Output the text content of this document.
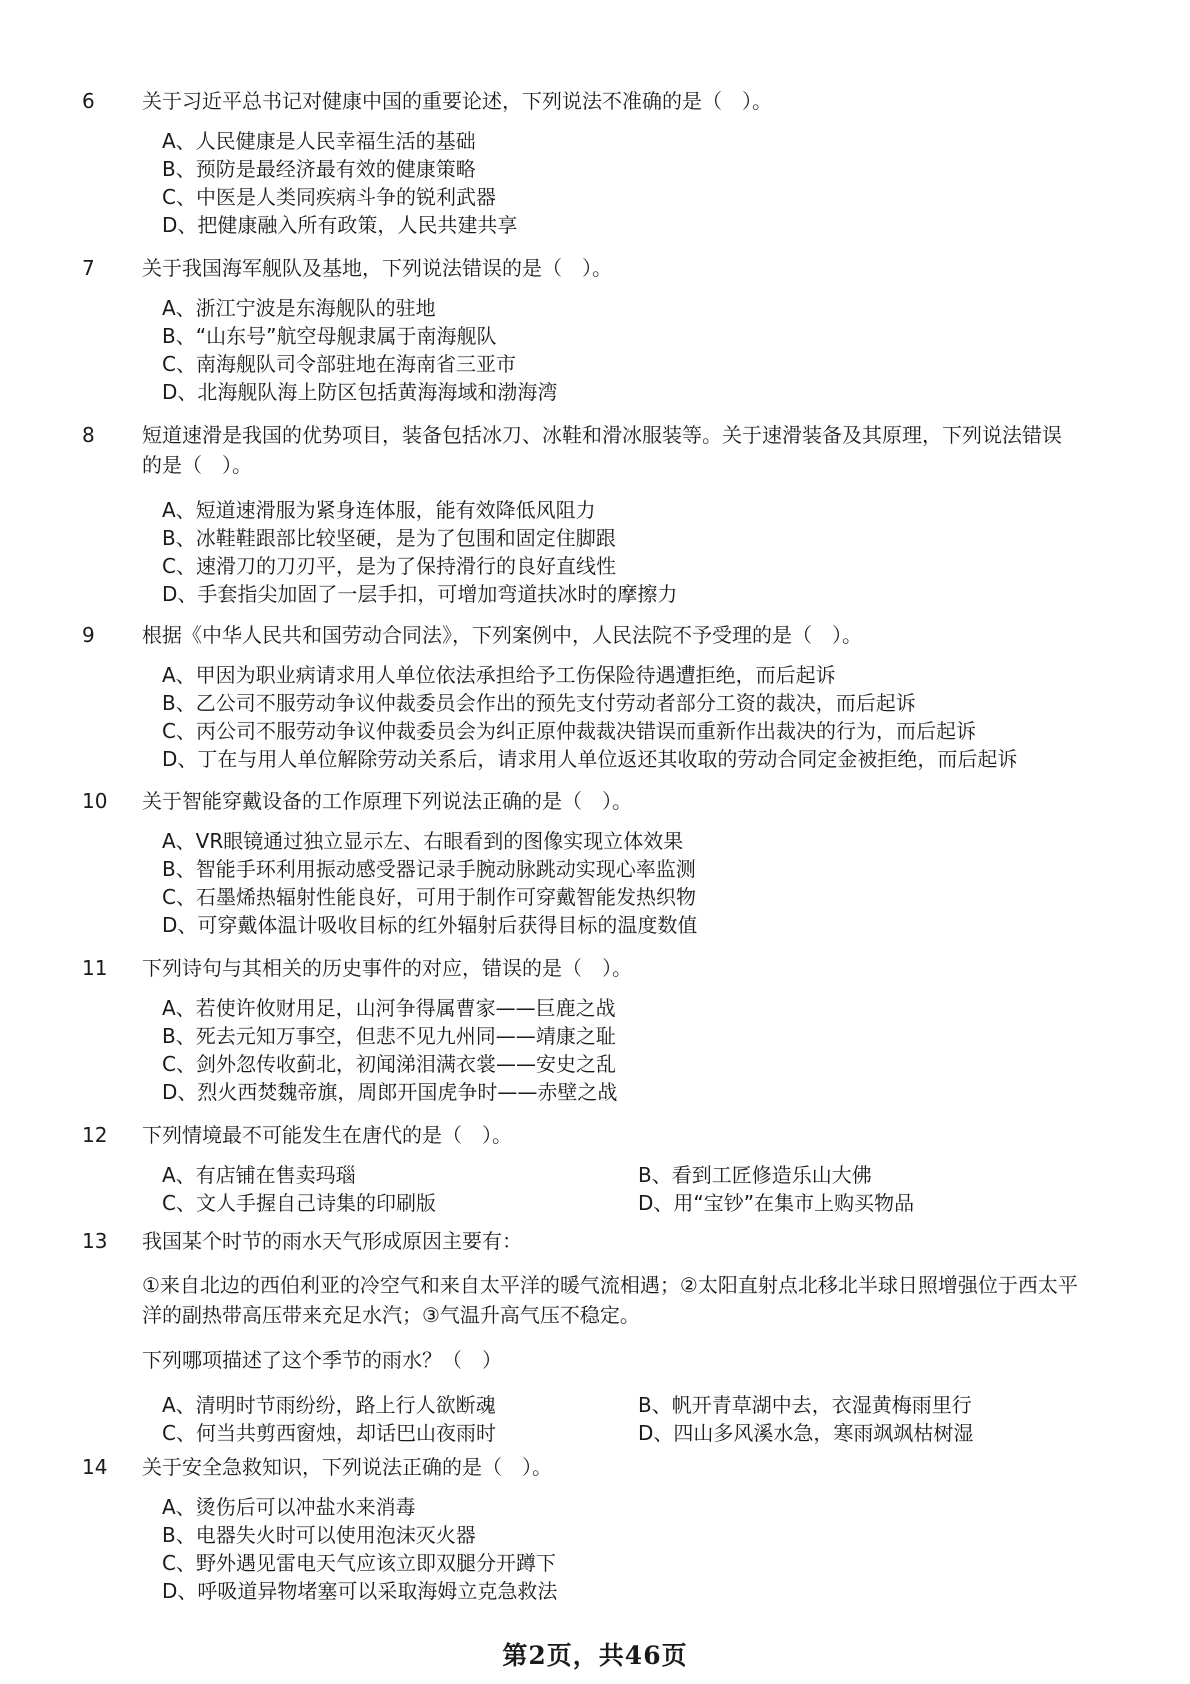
6	关于习近平总书记对健康中国的重要论述，下列说法不准确的是（　）。
A、人民健康是人民幸福生活的基础
B、预防是最经济最有效的健康策略
C、中医是人类同疾病斗争的锐利武器
D、把健康融入所有政策，人民共建共享
7	关于我国海军舰队及基地，下列说法错误的是（　）。
A、浙江宁波是东海舰队的驻地
B、“山东号”航空母舰隶属于南海舰队
C、南海舰队司令部驻地在海南省三亚市
D、北海舰队海上防区包括黄海海域和渤海湾
8	短道速滑是我国的优势项目，装备包括冰刀、冰鞋和滑冰服装等。关于速滑装备及其原理，下列说法错误的是（　）。
A、短道速滑服为紧身连体服，能有效降低风阻力
B、冰鞋鞋跟部比较坚硬，是为了包围和固定住脚跟
C、速滑刀的刀刃平，是为了保持滑行的良好直线性
D、手套指尖加固了一层手扣，可增加弯道扶冰时的摩擦力
9	根据《中华人民共和国劳动合同法》，下列案例中，人民法院不予受理的是（　）。
A、甲因为职业病请求用人单位依法承担给予工伤保险待遇遭拒绝，而后起诉
B、乙公司不服劳动争议仲裁委员会作出的预先支付劳动者部分工资的裁决，而后起诉
C、丙公司不服劳动争议仲裁委员会为纠正原仲裁裁决错误而重新作出裁决的行为，而后起诉
D、丁在与用人单位解除劳动关系后，请求用人单位返还其收取的劳动合同定金被拒绝，而后起诉
10	关于智能穿戴设备的工作原理下列说法正确的是（　）。
A、VR眼镜通过独立显示左、右眼看到的图像实现立体效果
B、智能手环利用振动感受器记录手腕动脉跳动实现心率监测
C、石墨烯热辐射性能良好，可用于制作可穿戴智能发热织物
D、可穿戴体温计吸收目标的红外辐射后获得目标的温度数值
11	下列诗句与其相关的历史事件的对应，错误的是（　）。
A、若使许攸财用足，山河争得属曹家——巨鹿之战
B、死去元知万事空，但悲不见九州同——靖康之耻
C、剑外忽传收蓟北，初闻涕泪满衣裳——安史之乱
D、烈火西焚魏帝旗，周郎开国虎争时——赤壁之战
12	下列情境最不可能发生在唐代的是（　）。
A、有店铺在售卖玛瑙	B、看到工匠修造乐山大佛
C、文人手握自己诗集的印刷版	D、用“宝钞”在集市上购买物品
13	我国某个时节的雨水天气形成原因主要有：
①来自北边的西伯利亚的冷空气和来自太平洋的暖气流相遇；②太阳直射点北移北半球日照增强位于西太平洋的副热带高压带来充足水汽；③气温升高气压不稳定。
下列哪项描述了这个季节的雨水？（　）
A、清明时节雨纷纷，路上行人欲断魂	B、帆开青草湖中去，衣湿黄梅雨里行
C、何当共剪西窗烛，却话巴山夜雨时	D、四山多风溪水急，寒雨飒飒枯树湿
14	关于安全急救知识，下列说法正确的是（　）。
A、烫伤后可以冲盐水来消毒
B、电器失火时可以使用泡沫灭火器
C、野外遇见雷电天气应该立即双腿分开蹲下
D、呼吸道异物堵塞可以采取海姆立克急救法
第2页，共46页
